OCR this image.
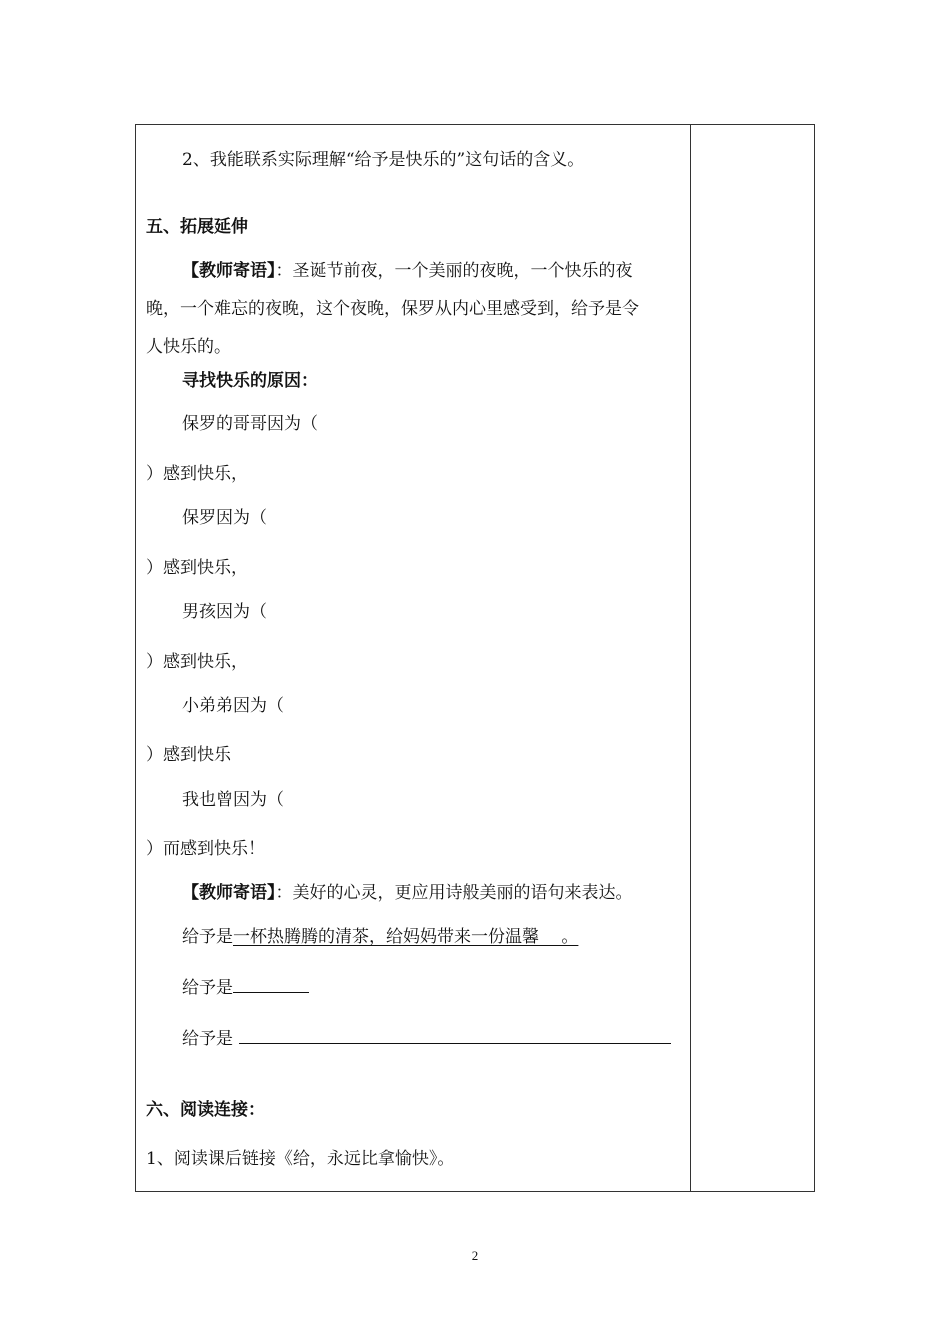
2、我能联系实际理解“给予是快乐的”这句话的含义。
五、拓展延伸
【教师寄语】：圣诞节前夜，一个美丽的夜晚，一个快乐的夜
晚，一个难忘的夜晚，这个夜晚，保罗从内心里感受到，给予是令
人快乐的。
寻找快乐的原因：
保罗的哥哥因为（
）感到快乐，
保罗因为（
）感到快乐，
男孩因为（
）感到快乐，
小弟弟因为（
）感到快乐
我也曾因为（
）而感到快乐！
【教师寄语】：美好的心灵，更应用诗般美丽的语句来表达。
给予是一杯热腾腾的清茶，给妈妈带来一份温馨　 。
给予是
给予是
六、阅读连接：
1、阅读课后链接《给，永远比拿愉快》。
2
